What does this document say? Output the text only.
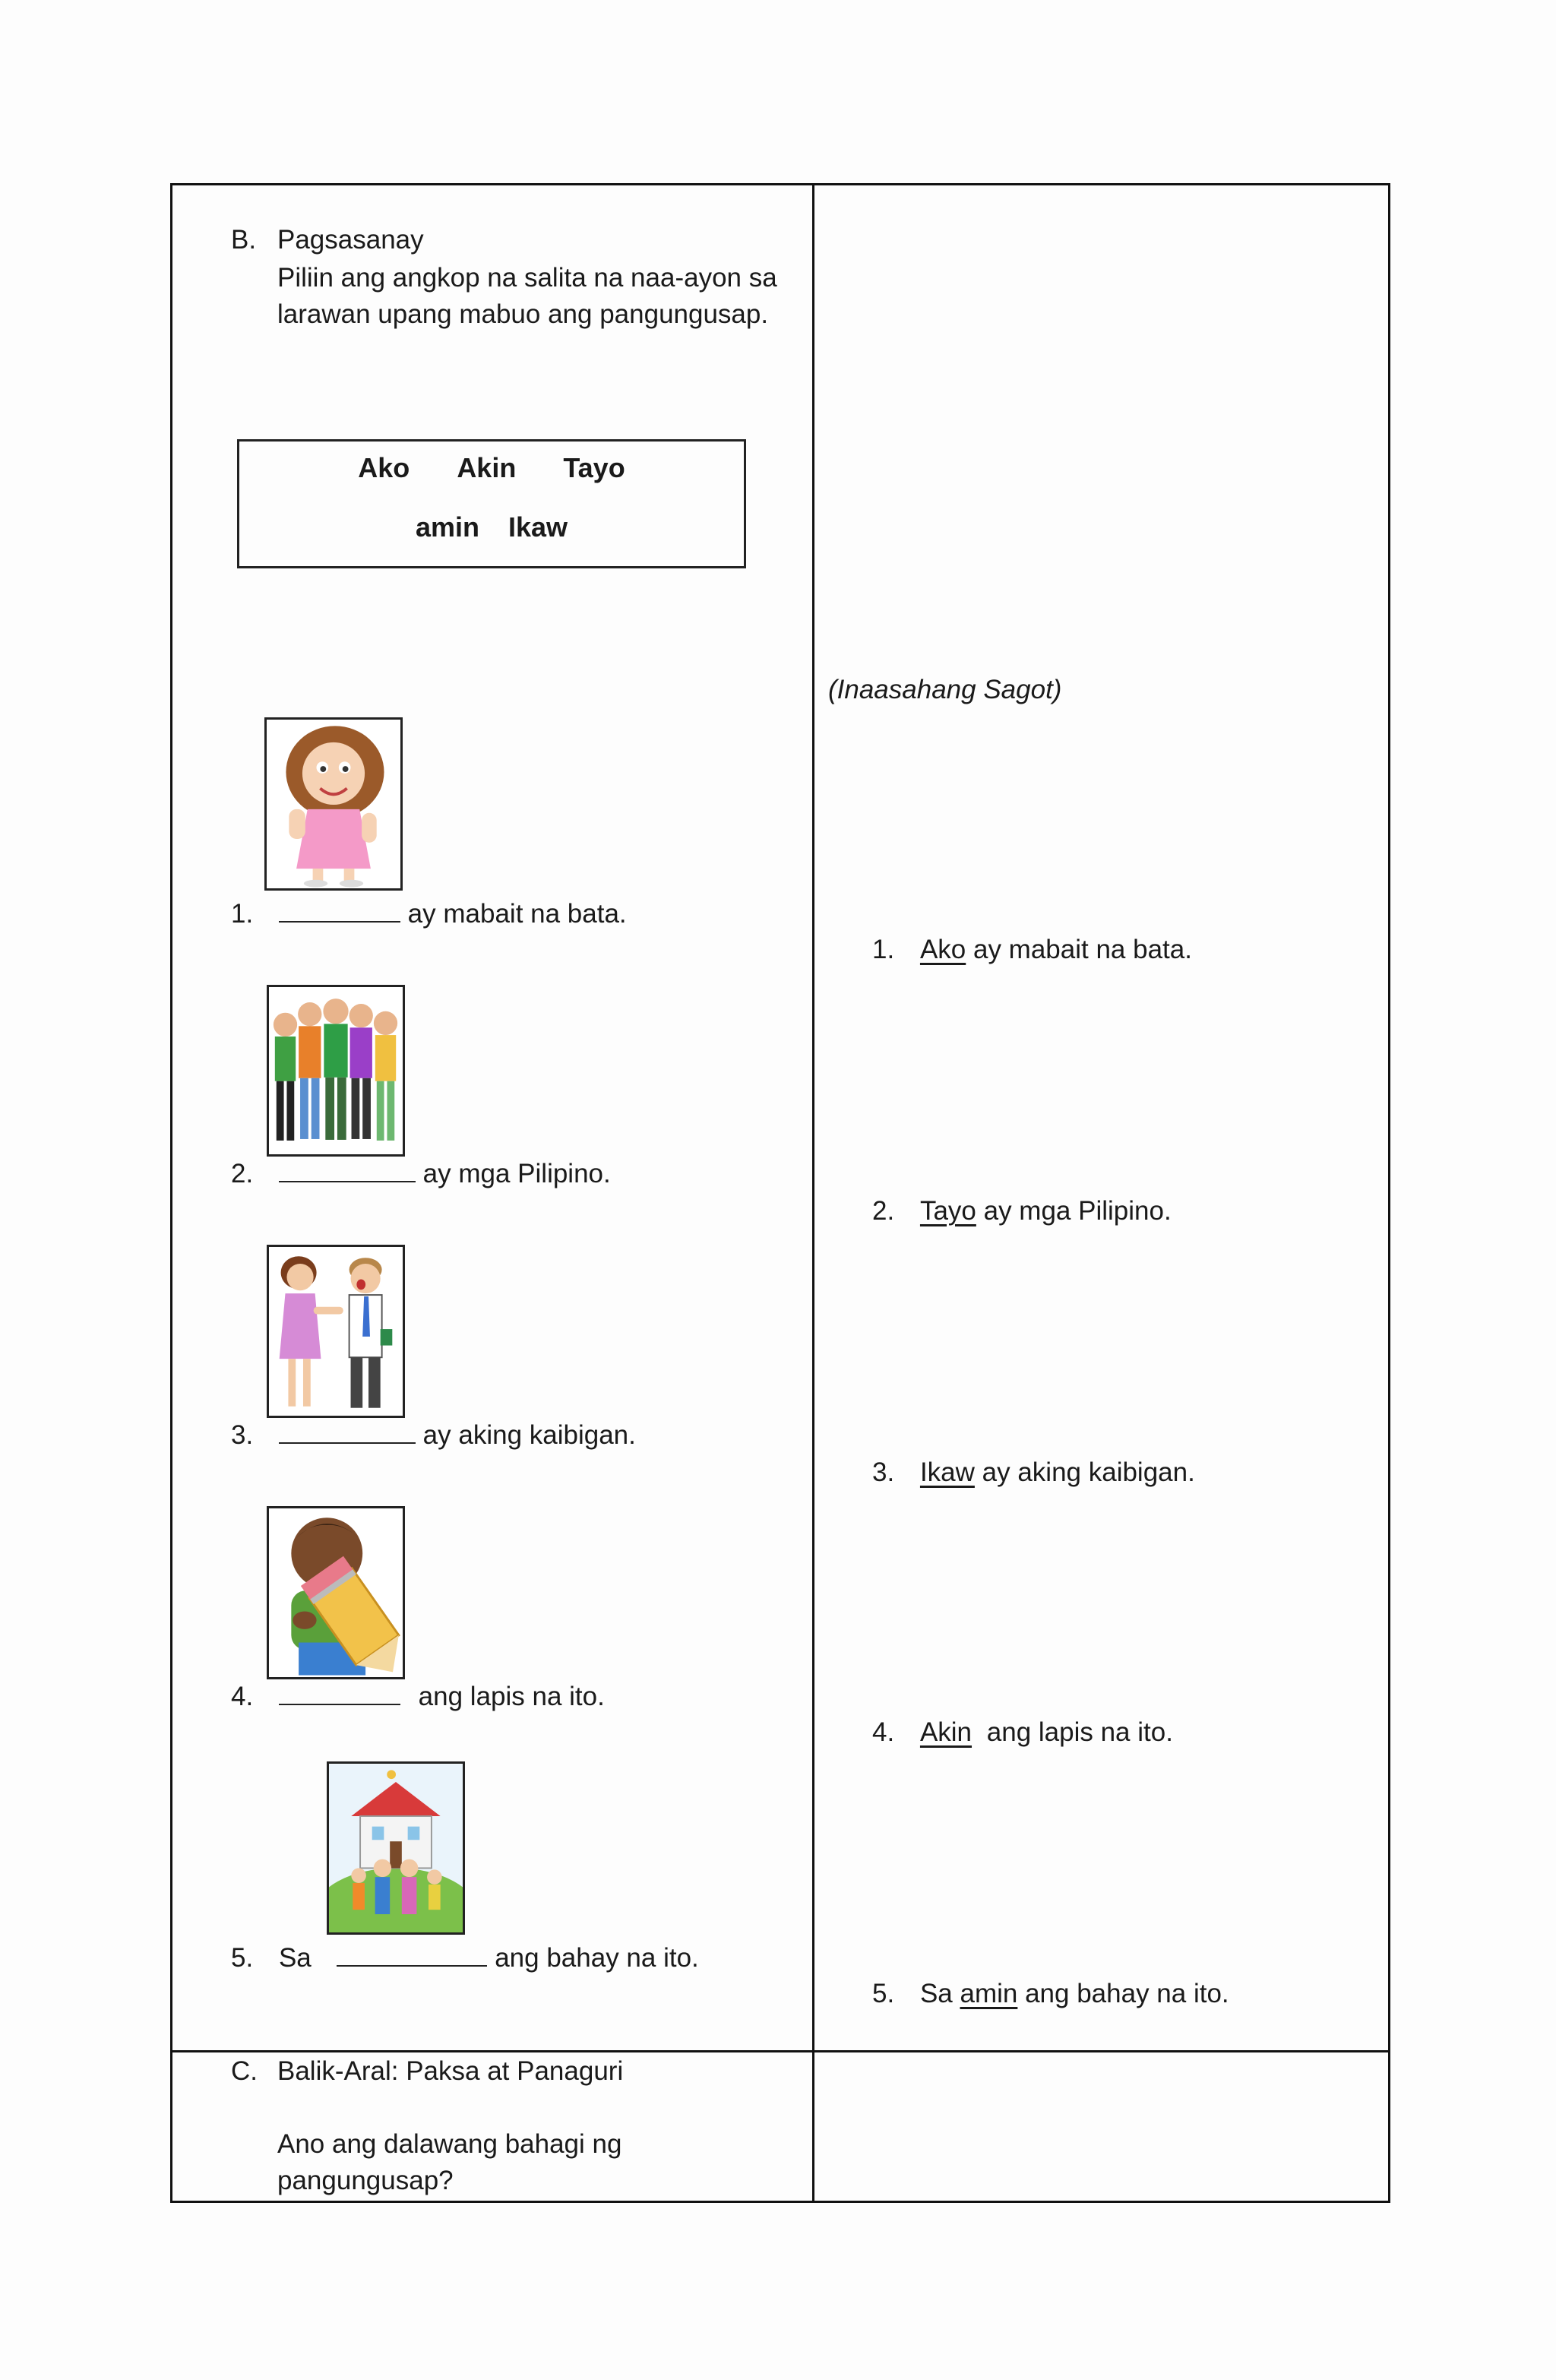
B. Pagsasanay
Piliin ang angkop na salita na naa-ayon sa larawan upang mabuo ang pangungusap.
Ako Akin Tayo
amin Ikaw
(Inaasahang Sagot)
1.	ay mabait na bata.
2.	ay mga Pilipino.
3.	ay aking kaibigan.
4.	ang lapis na ito.
5. Sa	ang bahay na ito.
1. Ako ay mabait na bata.
2. Tayo ay mga Pilipino.
3. Ikaw ay aking kaibigan.
4. Akin ang lapis na ito.
5. Sa amin ang bahay na ito.
C. Balik-Aral: Paksa at Panaguri
Ano ang dalawang bahagi ng pangungusap?
